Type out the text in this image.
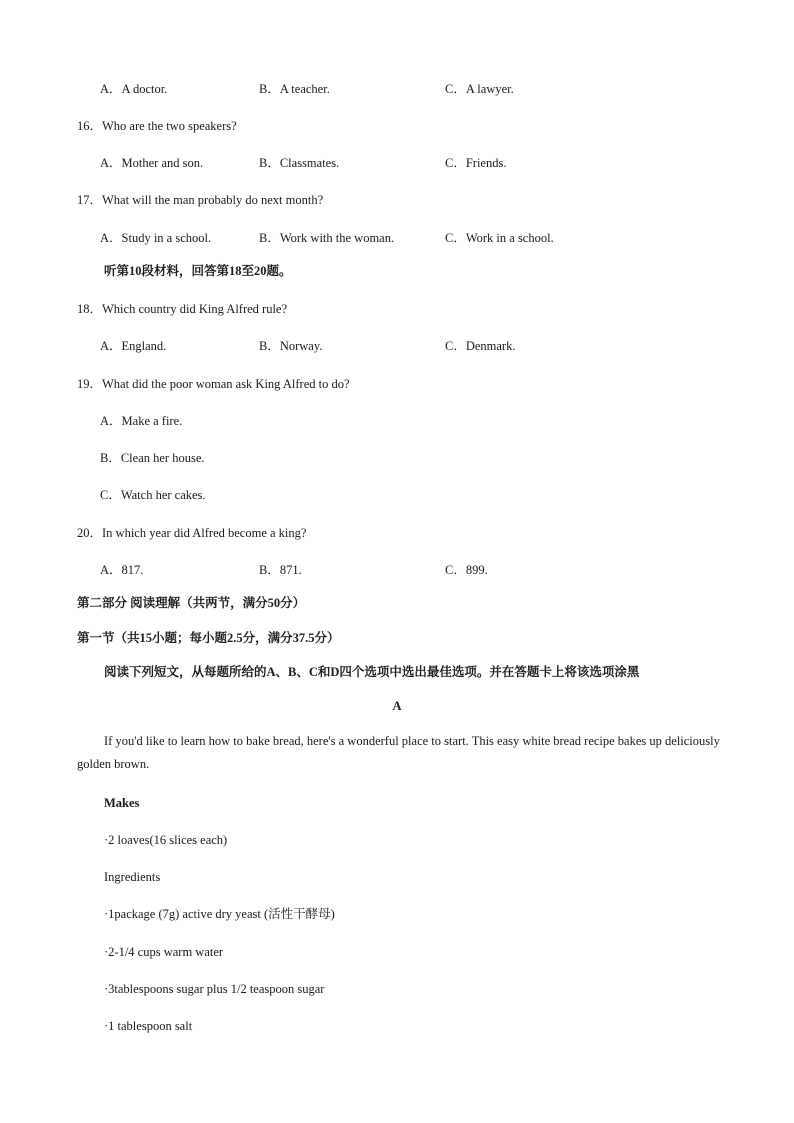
A．A doctor.	B．A teacher.	C．A lawyer.
16．Who are the two speakers?
A．Mother and son.	B．Classmates.	C．Friends.
17．What will the man probably do next month?
A．Study in a school.	B．Work with the woman.	C．Work in a school.
听第10段材料，回答第18至20题。
18．Which country did King Alfred rule?
A．England.	B．Norway.	C．Denmark.
19．What did the poor woman ask King Alfred to do?
A．Make a fire.
B．Clean her house.
C．Watch her cakes.
20．In which year did Alfred become a king?
A．817.	B．871.	C．899.
第二部分 阅读理解（共两节，满分50分）
第一节（共15小题；每小题2.5分，满分37.5分）
阅读下列短文，从每题所给的A、B、C和D四个选项中选出最佳选项。并在答题卡上将该选项涂黑
A
If you'd like to learn how to bake bread, here's a wonderful place to start. This easy white bread recipe bakes up deliciously golden brown.
Makes
·2 loaves(16 slices each)
Ingredients
·1package (7g) active dry yeast (活性干酵母)
·2-1/4 cups warm water
·3tablespoons sugar plus 1/2 teaspoon sugar
·1 tablespoon salt
